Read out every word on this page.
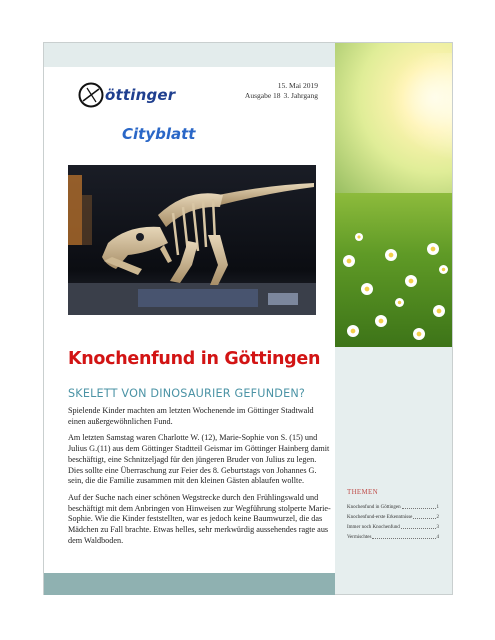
öttinger
Cityblatt
15. Mai 2019
Ausgabe 18 3. Jahrgang
Knochenfund in Göttingen
SKELETT VON DINOSAURIER GEFUNDEN?

Spielende Kinder machten am letzten Wochenende im Göttinger Stadtwald einen außergewöhnlichen Fund.

Am letzten Samstag waren Charlotte W. (12), Marie-Sophie von S. (15) und Julius G.(11) aus dem Göttinger Stadtteil Geismar im Göttinger Hainberg damit beschäftigt, eine Schnitzeljagd für den jüngeren Bruder von Julius zu legen. Dies sollte eine Überraschung zur Feier des 8. Geburtstags von Johannes G. sein, die die Familie zusammen mit den kleinen Gästen ablaufen wollte.

Auf der Suche nach einer schönen Wegstrecke durch den Frühlingswald und beschäftigt mit dem Anbringen von Hinweisen zur Wegführung stolperte Marie-Sophie. Wie die Kinder feststellten, war es jedoch keine Baumwurzel, die das Mädchen zu Fall brachte. Etwas helles, sehr merkwürdig aussehendes ragte aus dem Waldboden.

THEMEN
Knochenfund in Göttingen	1
Knochenfund-erste Erkenntnisse	2
Immer noch Knochenfund	3
Vermischtes	4
